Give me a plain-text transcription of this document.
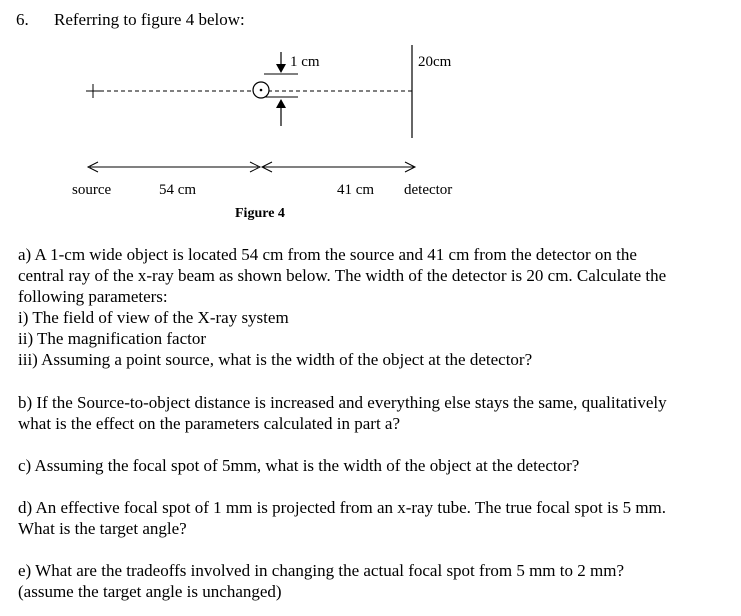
6. Referring to figure 4 below:
1 cm	20cm
source	54 cm	41 cm detector
Figure 4
a) A 1-cm wide object is located 54 cm from the source and 41 cm from the detector on the
central ray of the x-ray beam as shown below. The width of the detector is 20 cm. Calculate the
following parameters:
i) The field of view of the X-ray system
ii) The magnification factor
iii) Assuming a point source, what is the width of the object at the detector?
b) If the Source-to-object distance is increased and everything else stays the same, qualitatively
what is the effect on the parameters calculated in part a?
c) Assuming the focal spot of 5mm, what is the width of the object at the detector?
d) An effective focal spot of 1 mm is projected from an x-ray tube. The true focal spot is 5 mm.
What is the target angle?
e) What are the tradeoffs involved in changing the actual focal spot from 5 mm to 2 mm?
(assume the target angle is unchanged)
